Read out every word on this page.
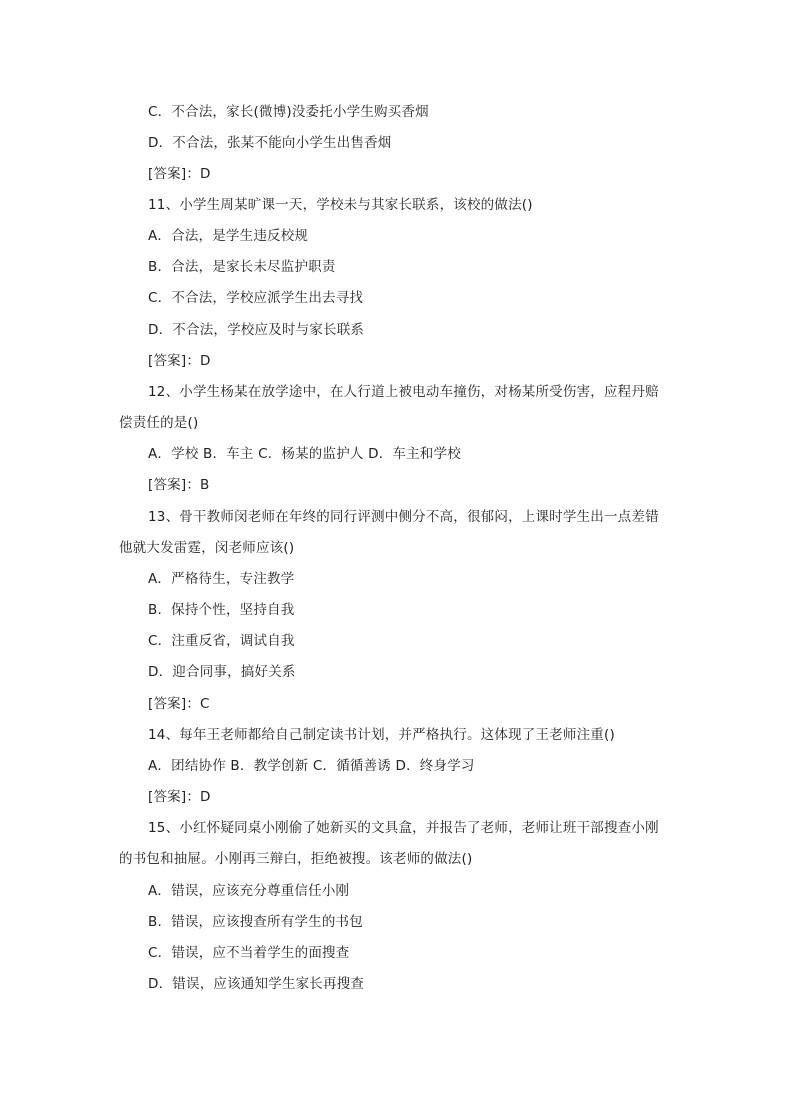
C．不合法，家长(微博)没委托小学生购买香烟
D．不合法，张某不能向小学生出售香烟
[答案]：D
11、小学生周某旷课一天，学校未与其家长联系，该校的做法()
A．合法，是学生违反校规
B．合法，是家长未尽监护职责
C．不合法，学校应派学生出去寻找
D．不合法，学校应及时与家长联系
[答案]：D
12、小学生杨某在放学途中，在人行道上被电动车撞伤，对杨某所受伤害，应程丹赔
偿责任的是()
A．学校 B．车主 C．杨某的监护人 D．车主和学校
[答案]：B
13、骨干教师闵老师在年终的同行评测中侧分不高，很郁闷，上课时学生出一点差错
他就大发雷霆，闵老师应该()
A．严格待生，专注教学
B．保持个性，坚持自我
C．注重反省，调试自我
D．迎合同事，搞好关系
[答案]：C
14、每年王老师都给自己制定读书计划，并严格执行。这体现了王老师注重()
A．团结协作 B．教学创新 C．循循善诱 D．终身学习
[答案]：D
15、小红怀疑同桌小刚偷了她新买的文具盒，并报告了老师，老师让班干部搜查小刚
的书包和抽屉。小刚再三辩白，拒绝被搜。该老师的做法()
A．错误，应该充分尊重信任小刚
B．错误，应该搜查所有学生的书包
C．错误，应不当着学生的面搜查
D．错误，应该通知学生家长再搜查
